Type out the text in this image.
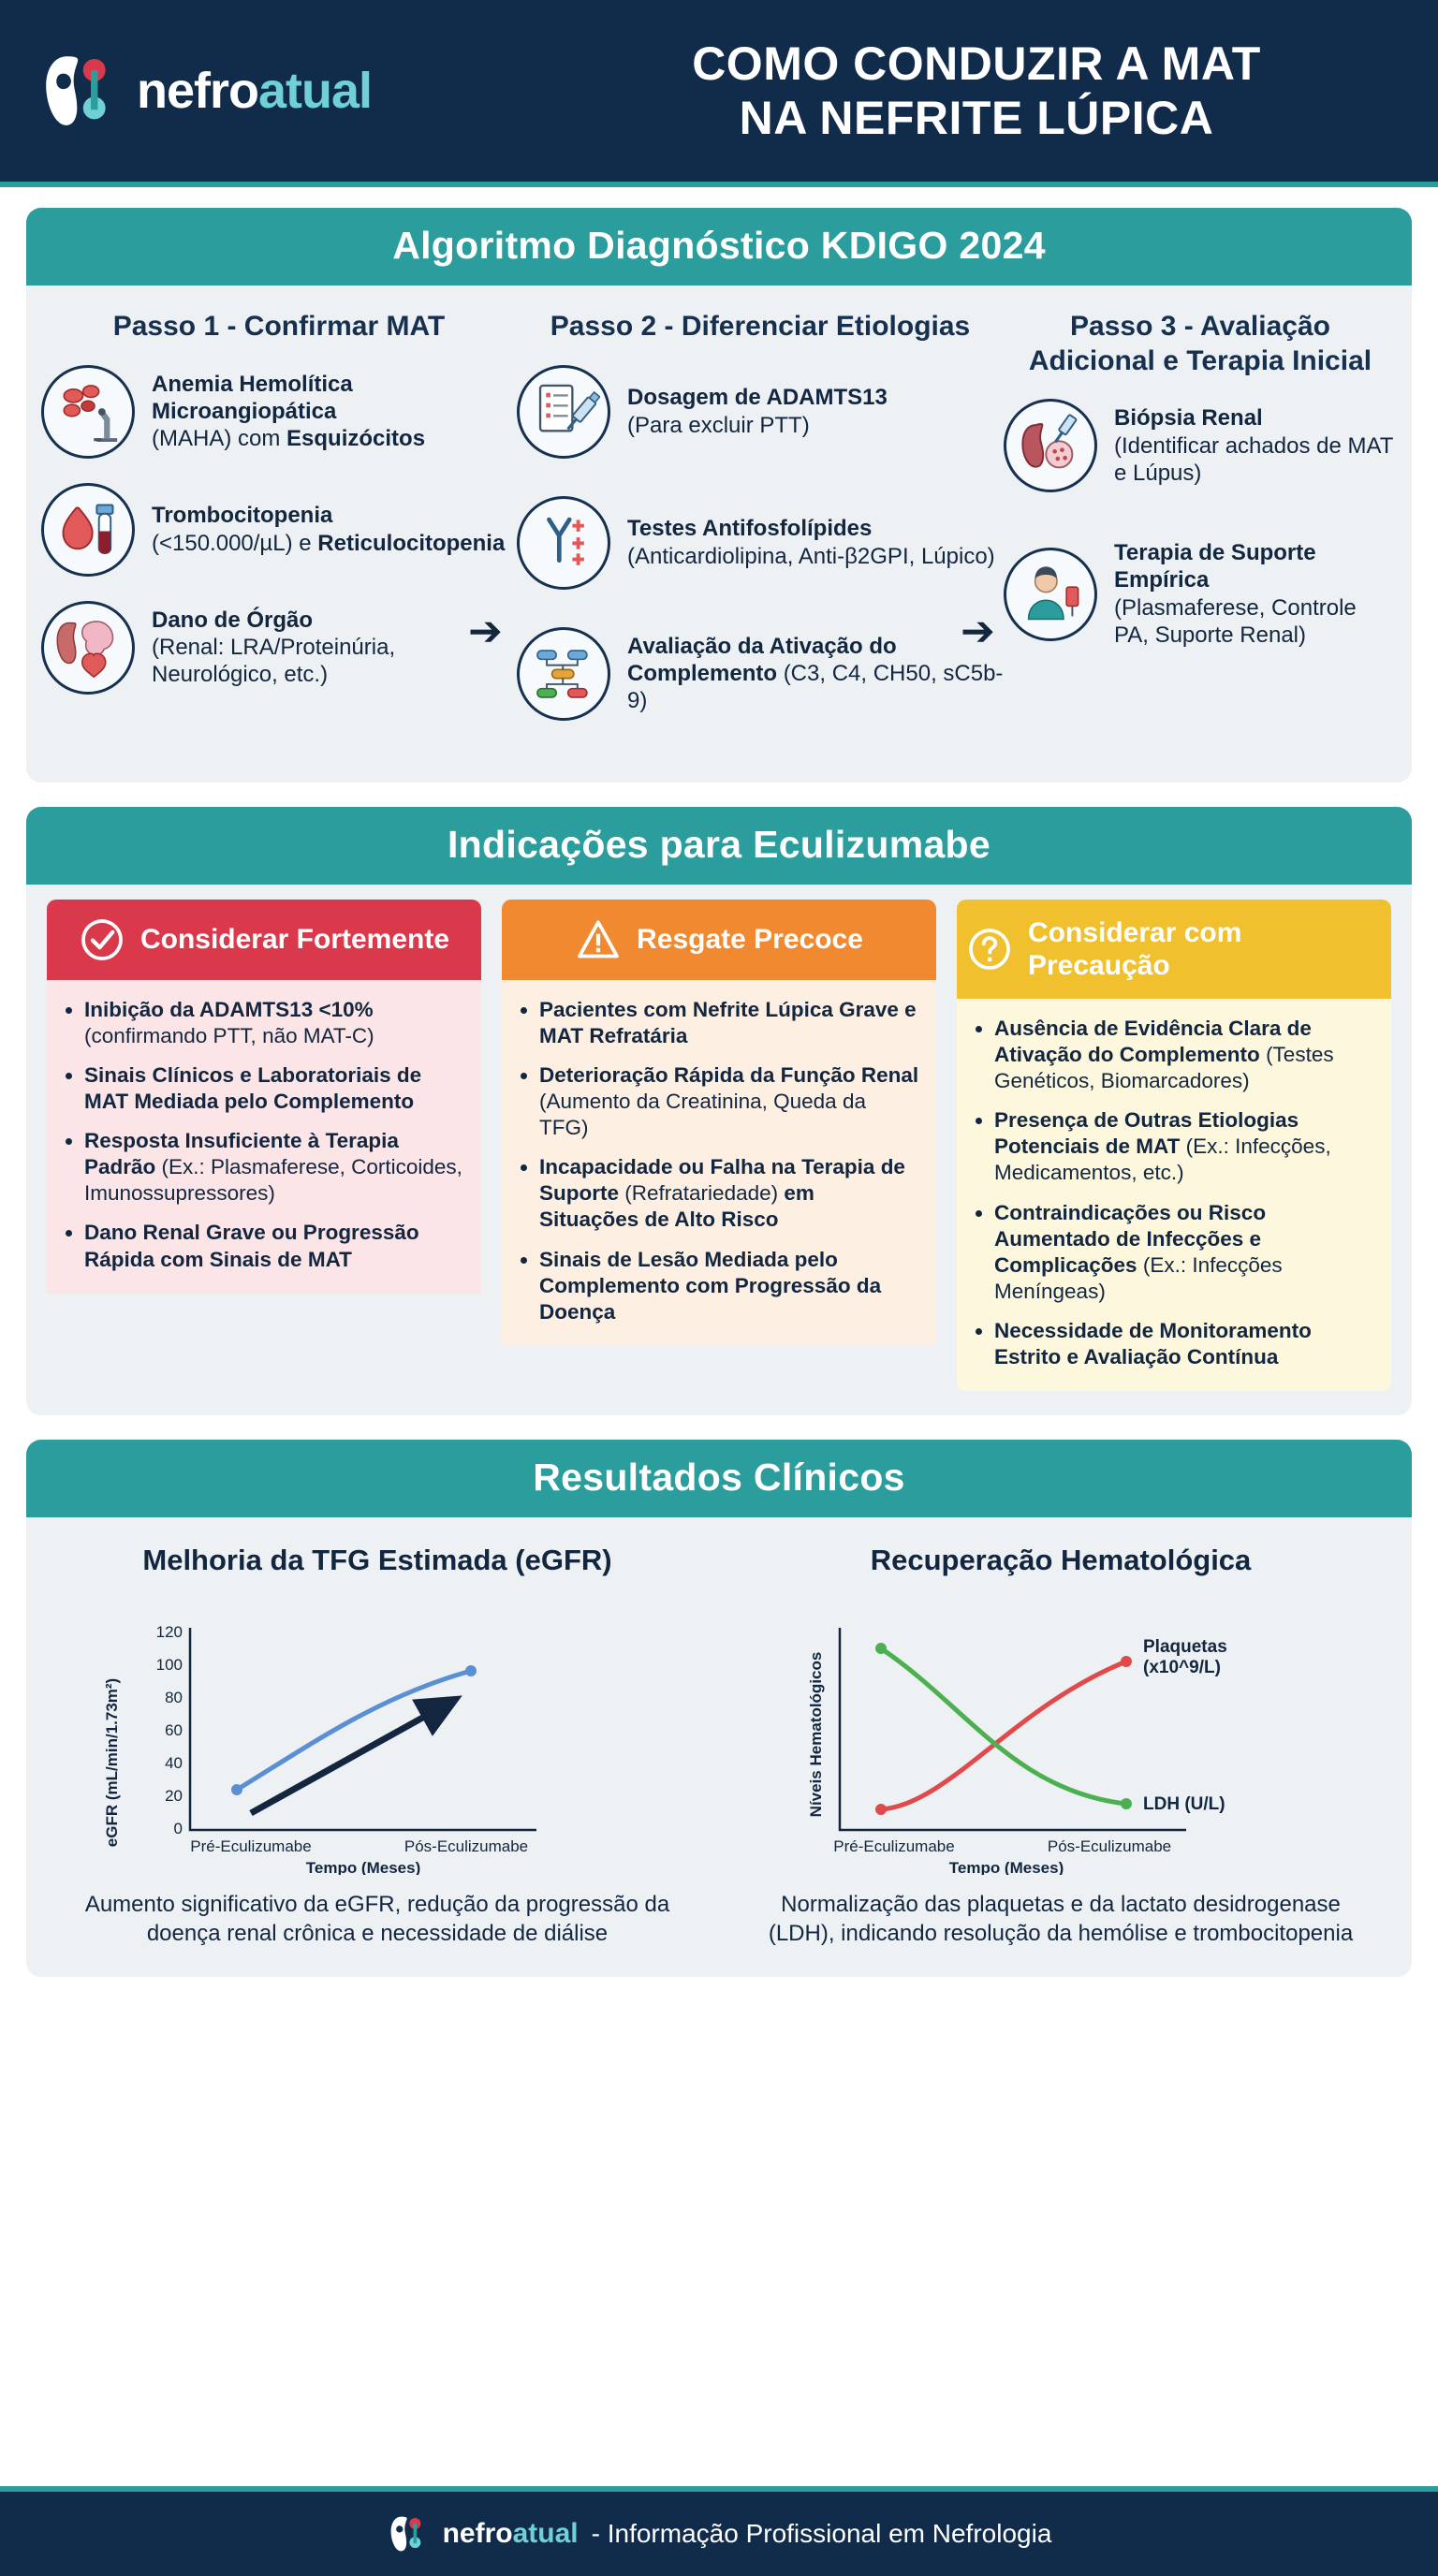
nefroatual	COMO CONDUZIR A MAT
NA NEFRITE LÚPICA
Algoritmo Diagnóstico KDIGO 2024
Passo 1 - Confirmar MAT
Anemia Hemolítica Microangiopática
(MAHA) com Esquizócitos
Trombocitopenia
(<150.000/µL) e Reticulocitopenia
Dano de Órgão
(Renal: LRA/Proteinúria, Neurológico, etc.)
➔
Passo 2 - Diferenciar Etiologias
Dosagem de ADAMTS13
(Para excluir PTT)
Testes Antifosfolípides
(Anticardiolipina, Anti-β2GPI, Lúpico)
Avaliação da Ativação do Complemento (C3, C4, CH50, sC5b-9)
➔
Passo 3 - Avaliação Adicional e Terapia Inicial
Biópsia Renal
(Identificar achados de MAT e Lúpus)
Terapia de Suporte Empírica
(Plasmaferese, Controle PA, Suporte Renal)
Indicações para Eculizumabe
Considerar Fortemente
• Inibição da ADAMTS13 <10% (confirmando PTT, não MAT-C)
• Sinais Clínicos e Laboratoriais de MAT Mediada pelo Complemento
• Resposta Insuficiente à Terapia Padrão (Ex.: Plasmaferese, Corticoides, Imunossupressores)
• Dano Renal Grave ou Progressão Rápida com Sinais de MAT
Resgate Precoce
• Pacientes com Nefrite Lúpica Grave e MAT Refratária
• Deterioração Rápida da Função Renal (Aumento da Creatinina, Queda da TFG)
• Incapacidade ou Falha na Terapia de Suporte (Refratariedade) em Situações de Alto Risco
• Sinais de Lesão Mediada pelo Complemento com Progressão da Doença
Considerar com Precaução
• Ausência de Evidência Clara de Ativação do Complemento (Testes Genéticos, Biomarcadores)
• Presença de Outras Etiologias Potenciais de MAT (Ex.: Infecções, Medicamentos, etc.)
• Contraindicações ou Risco Aumentado de Infecções e Complicações (Ex.: Infecções Meníngeas)
• Necessidade de Monitoramento Estrito e Avaliação Contínua
Resultados Clínicos
Melhoria da TFG Estimada (eGFR)
eGFR (mL/min/1.73m²)
120
100
80
60
40
20
0
Pré-Eculizumabe	Pós-Eculizumabe
Tempo (Meses)
Aumento significativo da eGFR, redução da progressão da doença renal crônica e necessidade de diálise
Recuperação Hematológica
Níveis Hematológicos
Plaquetas
(x10^9/L)
LDH (U/L)
Pré-Eculizumabe	Pós-Eculizumabe
Tempo (Meses)
Normalização das plaquetas e da lactato desidrogenase (LDH), indicando resolução da hemólise e trombocitopenia
nefroatual - Informação Profissional em Nefrologia
